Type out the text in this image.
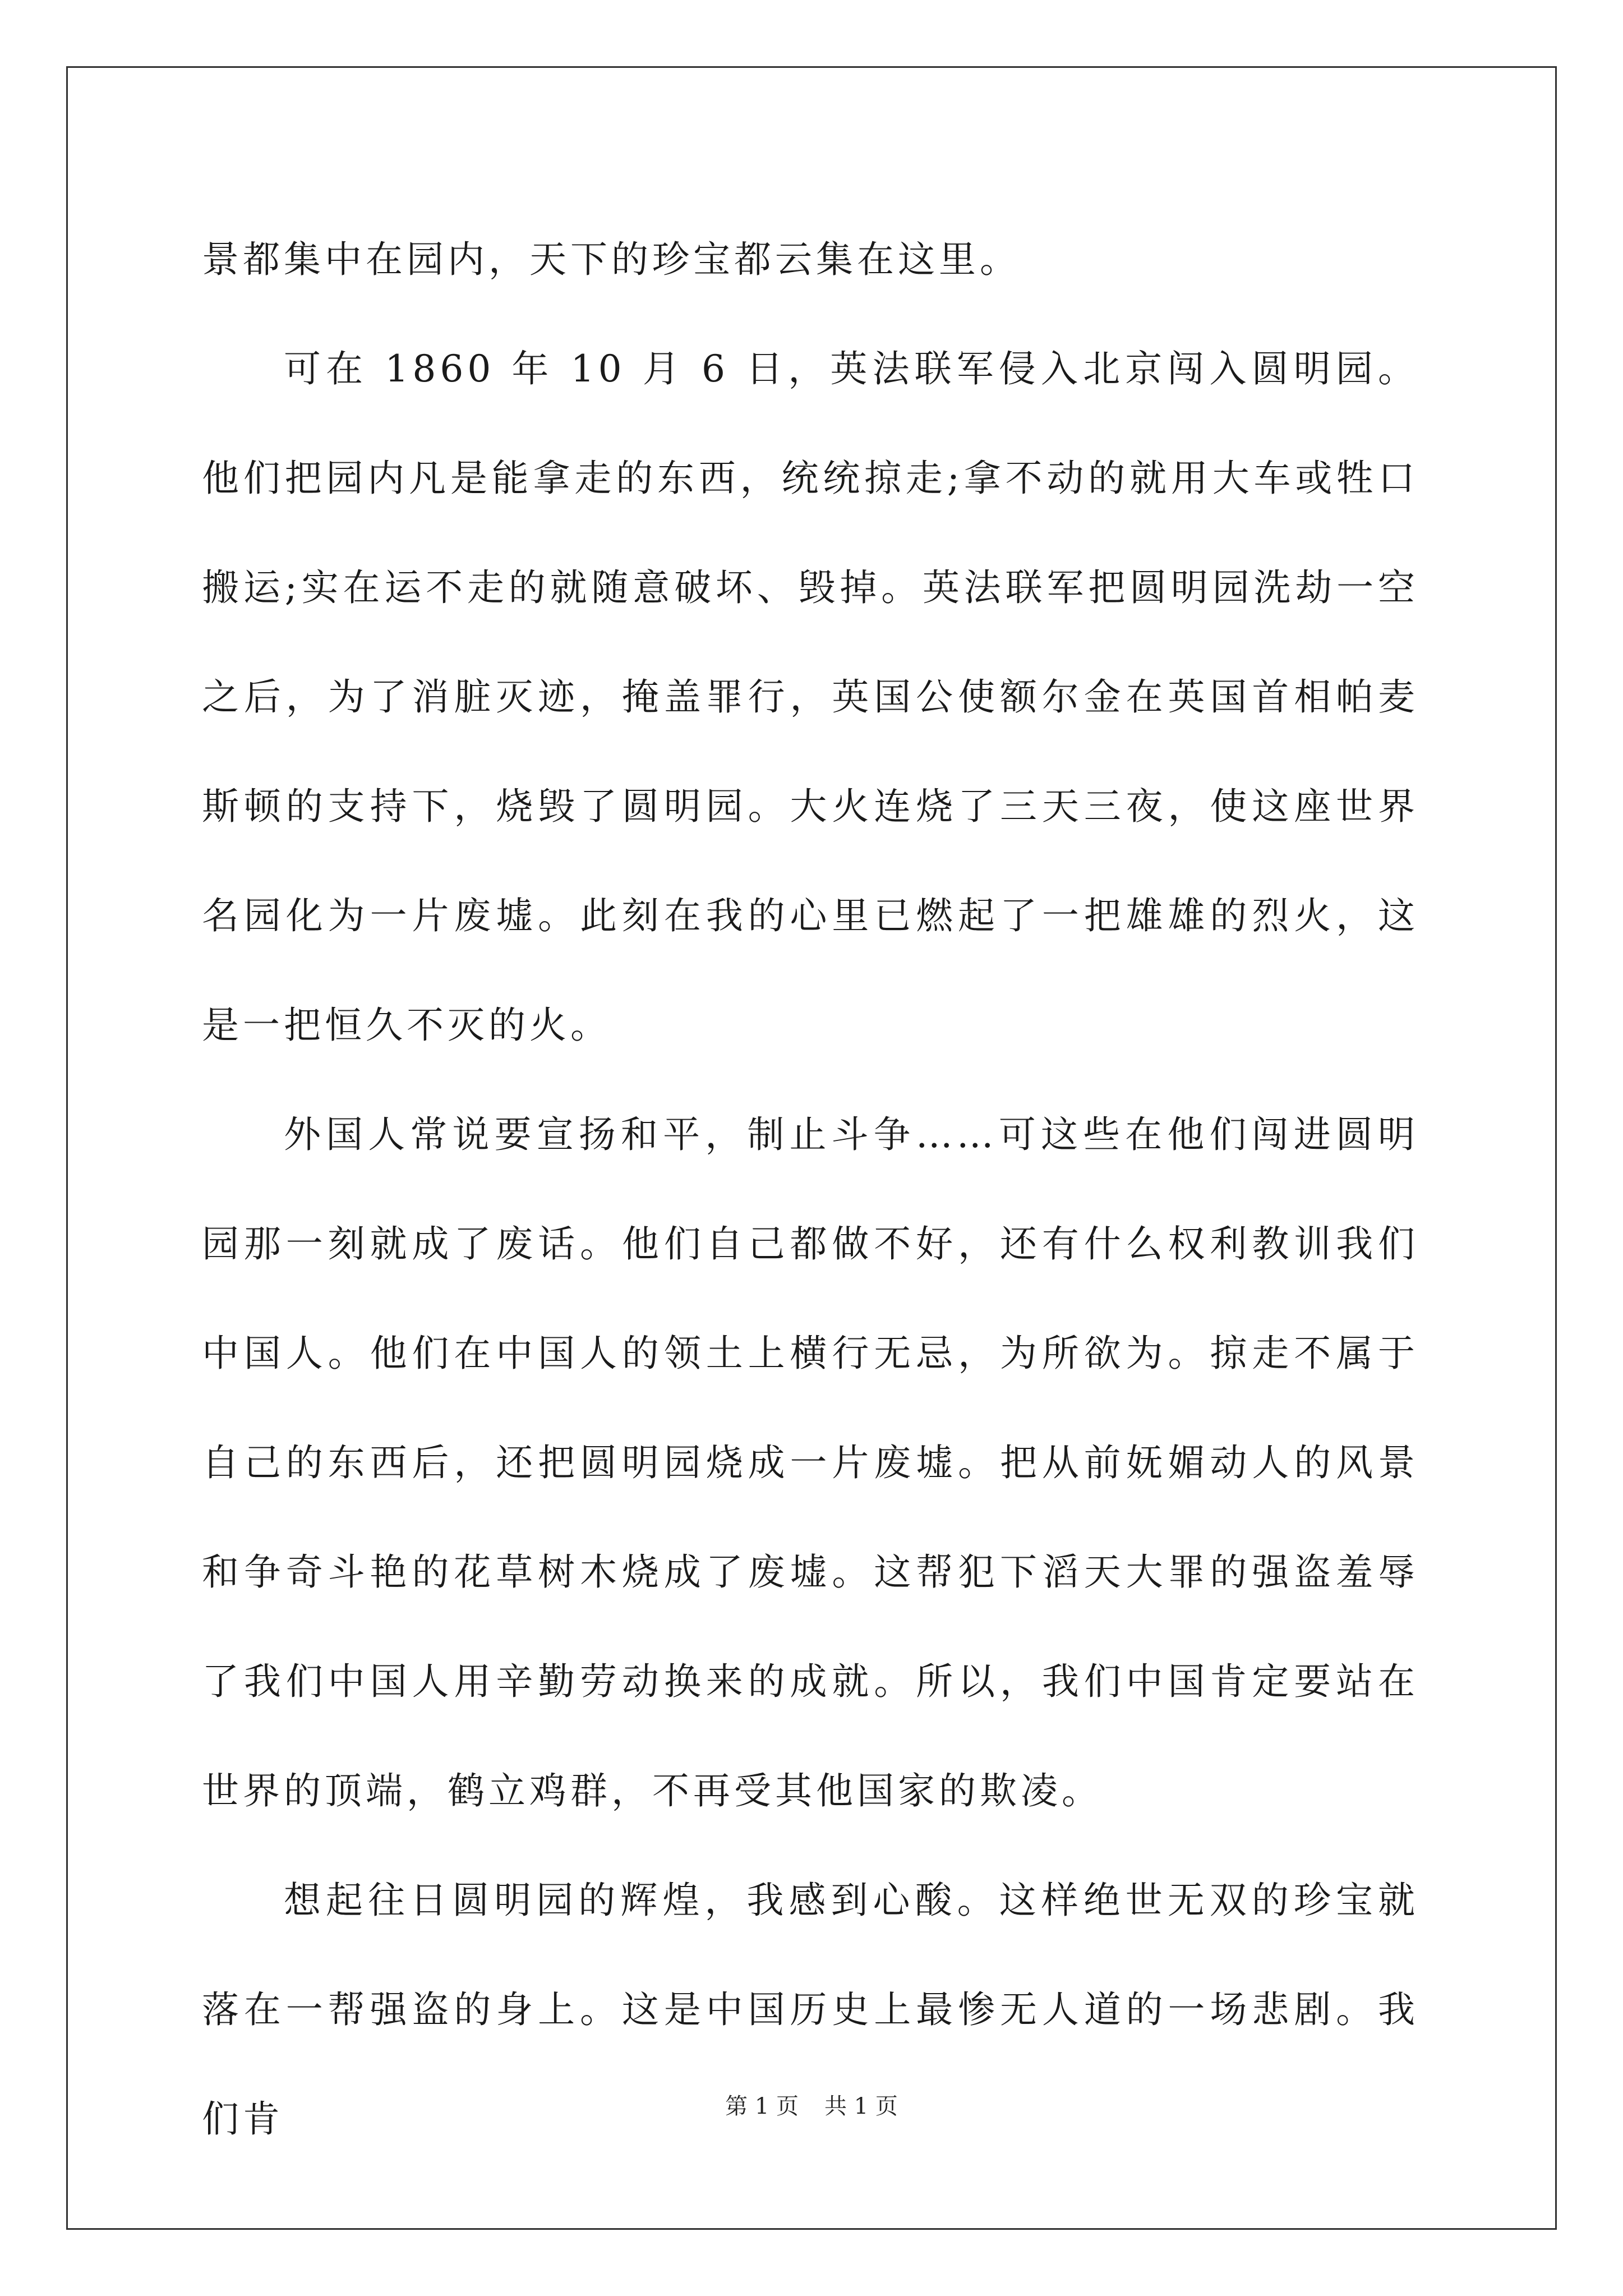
景都集中在园内，天下的珍宝都云集在这里。

可在 1860 年 10 月 6 日，英法联军侵入北京闯入圆明园。他们把园内凡是能拿走的东西，统统掠走;拿不动的就用大车或牲口搬运;实在运不走的就随意破坏、毁掉。英法联军把圆明园洗劫一空之后，为了消脏灭迹，掩盖罪行，英国公使额尔金在英国首相帕麦斯顿的支持下，烧毁了圆明园。大火连烧了三天三夜，使这座世界名园化为一片废墟。此刻在我的心里已燃起了一把雄雄的烈火，这是一把恒久不灭的火。

外国人常说要宣扬和平，制止斗争……可这些在他们闯进圆明园那一刻就成了废话。他们自己都做不好，还有什么权利教训我们中国人。他们在中国人的领土上横行无忌，为所欲为。掠走不属于自己的东西后，还把圆明园烧成一片废墟。把从前妩媚动人的风景和争奇斗艳的花草树木烧成了废墟。这帮犯下滔天大罪的强盗羞辱了我们中国人用辛勤劳动换来的成就。所以，我们中国肯定要站在世界的顶端，鹤立鸡群，不再受其他国家的欺凌。

想起往日圆明园的辉煌，我感到心酸。这样绝世无双的珍宝就落在一帮强盗的身上。这是中国历史上最惨无人道的一场悲剧。我们肯	第 1 页 共 1 页
